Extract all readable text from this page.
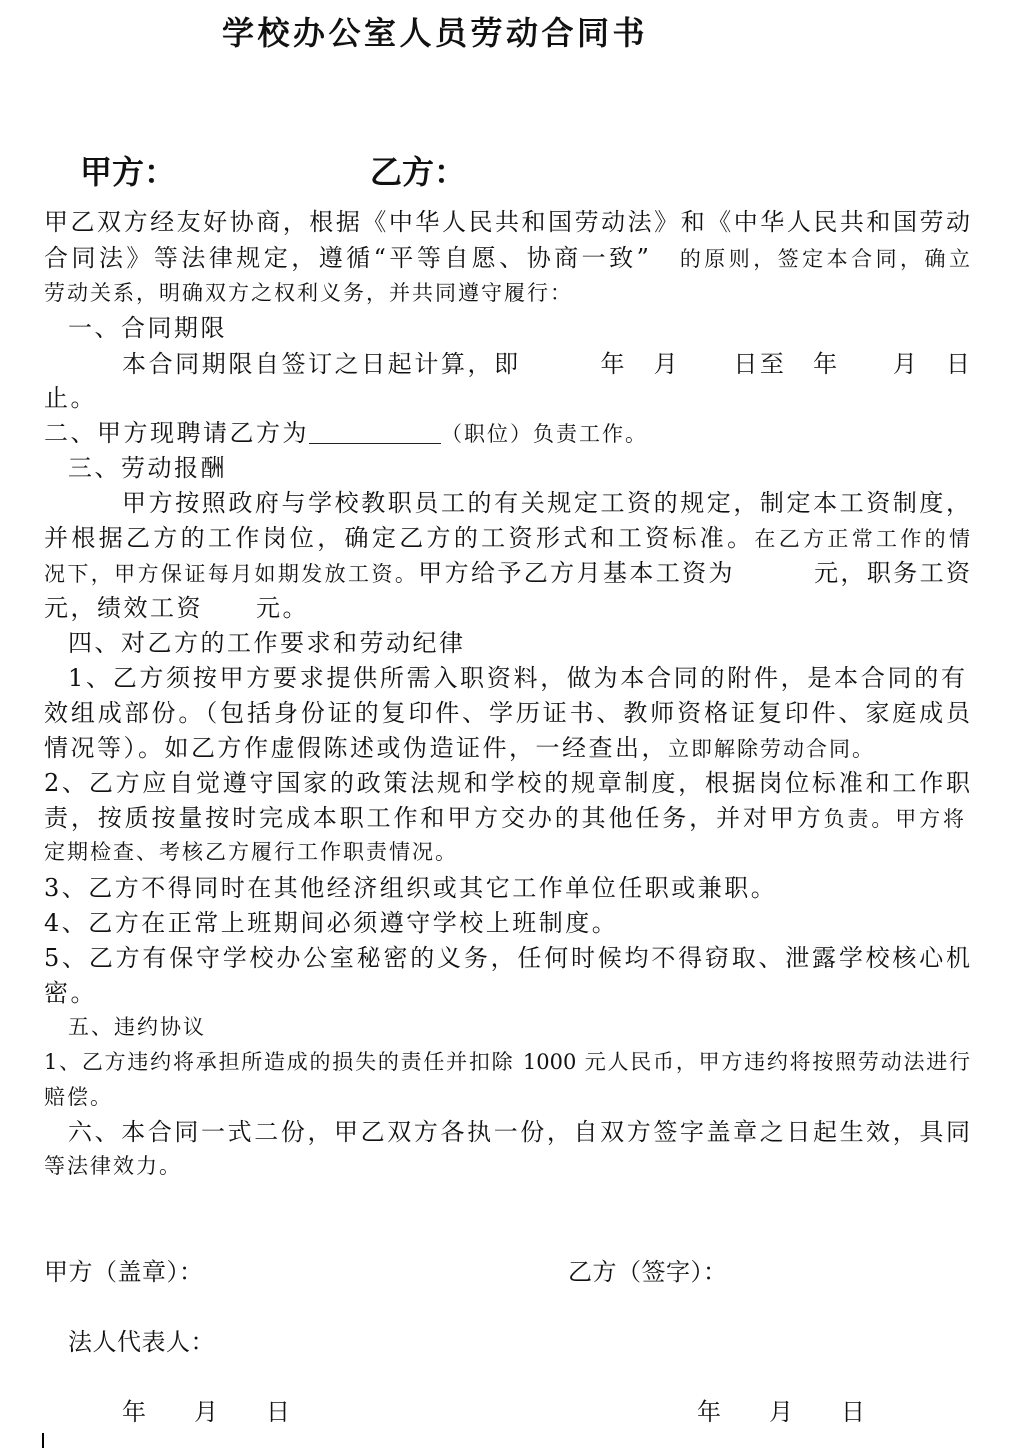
学校办公室人员劳动合同书
甲方：	乙方：
甲乙双方经友好协商，根据《中华人民共和国劳动法》和《中华人民共和国劳动
合同法》等法律规定，遵循“平等自愿、协商一致”　的原则，签定本合同，确立
劳动关系，明确双方之权利义务，并共同遵守履行：
一、合同期限
本合同期限自签订之日起计算，即　　　年　月　　日至　年　　月　日
止。
二、甲方现聘请乙方为	（职位）负责工作。
三、劳动报酬
甲方按照政府与学校教职员工的有关规定工资的规定，制定本工资制度，
并根据乙方的工作岗位，确定乙方的工资形式和工资标准。在乙方正常工作的情
况下，甲方保证每月如期发放工资。甲方给予乙方月基本工资为　　　元，职务工资
元，绩效工资　　元。
四、对乙方的工作要求和劳动纪律
1、乙方须按甲方要求提供所需入职资料，做为本合同的附件，是本合同的有
效组成部份。（包括身份证的复印件、学历证书、教师资格证复印件、家庭成员
情况等）。如乙方作虚假陈述或伪造证件，一经查出，立即解除劳动合同。
2、乙方应自觉遵守国家的政策法规和学校的规章制度，根据岗位标准和工作职
责，按质按量按时完成本职工作和甲方交办的其他任务，并对甲方负责。甲方将
定期检查、考核乙方履行工作职责情况。
3、乙方不得同时在其他经济组织或其它工作单位任职或兼职。
4、乙方在正常上班期间必须遵守学校上班制度。
5、乙方有保守学校办公室秘密的义务，任何时候均不得窃取、泄露学校核心机
密。
五、违约协议
1、乙方违约将承担所造成的损失的责任并扣除 1000 元人民币，甲方违约将按照劳动法进行
赔偿。
六、本合同一式二份，甲乙双方各执一份，自双方签字盖章之日起生效，具同
等法律效力。
甲方（盖章）：	乙方（签字）：
法人代表人：
年　　月　　日	年　　月　　日
